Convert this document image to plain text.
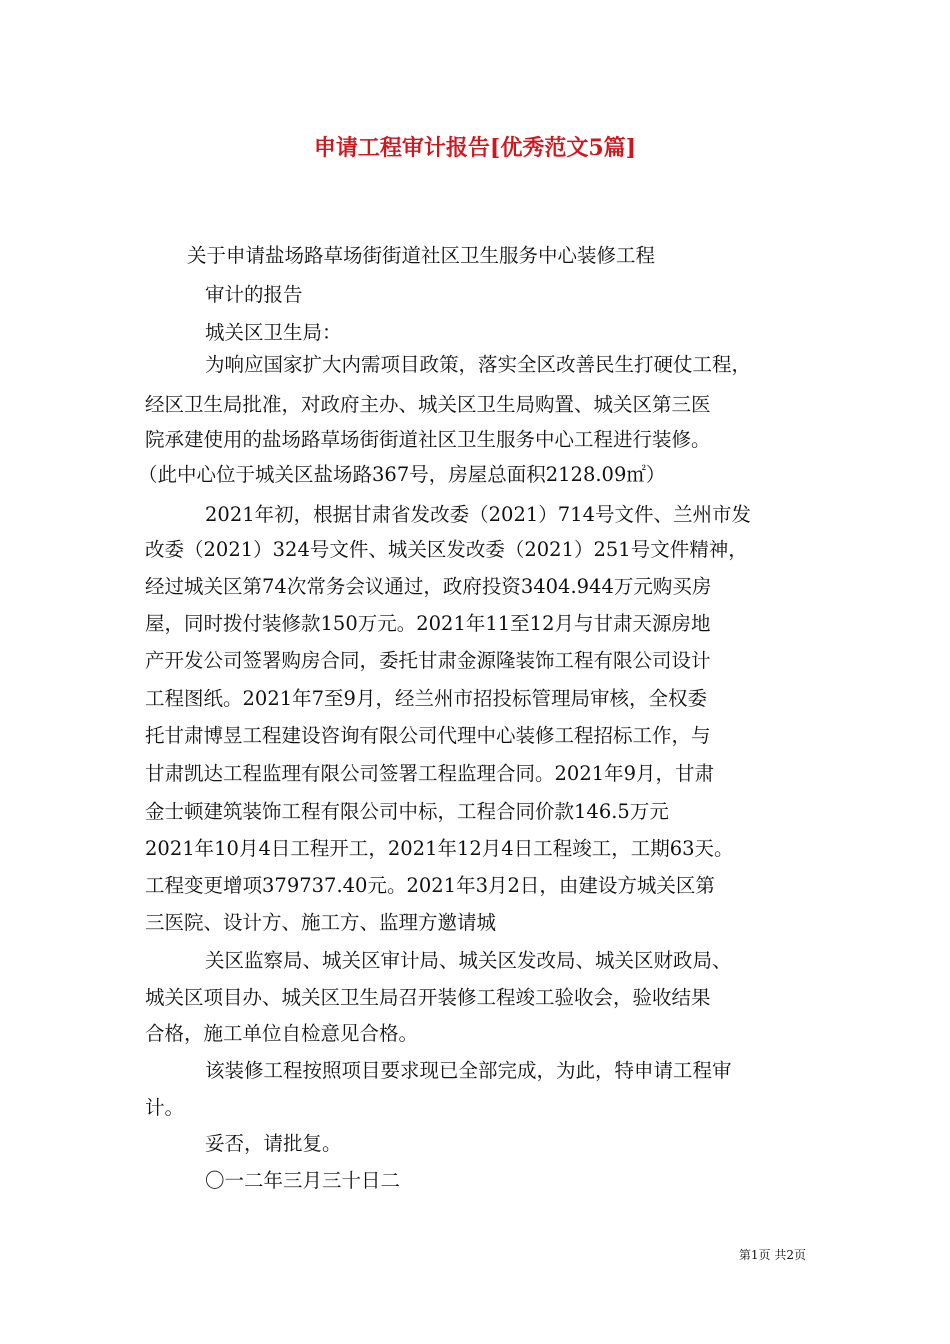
申请工程审计报告[优秀范文5篇]
关于申请盐场路草场街街道社区卫生服务中心装修工程
审计的报告
城关区卫生局：
为响应国家扩大内需项目政策，落实全区改善民生打硬仗工程，
经区卫生局批准，对政府主办、城关区卫生局购置、城关区第三医
院承建使用的盐场路草场街街道社区卫生服务中心工程进行装修。
（此中心位于城关区盐场路367号，房屋总面积2128.09㎡）
2021年初，根据甘肃省发改委（2021）714号文件、兰州市发
改委（2021）324号文件、城关区发改委（2021）251号文件精神，
经过城关区第74次常务会议通过，政府投资3404.944万元购买房
屋，同时拨付装修款150万元。2021年11至12月与甘肃天源房地
产开发公司签署购房合同，委托甘肃金源隆装饰工程有限公司设计
工程图纸。2021年7至9月，经兰州市招投标管理局审核，全权委
托甘肃博昱工程建设咨询有限公司代理中心装修工程招标工作，与
甘肃凯达工程监理有限公司签署工程监理合同。2021年9月，甘肃
金士顿建筑装饰工程有限公司中标，工程合同价款146.5万元
2021年10月4日工程开工，2021年12月4日工程竣工，工期63天。
工程变更增项379737.40元。2021年3月2日，由建设方城关区第
三医院、设计方、施工方、监理方邀请城
关区监察局、城关区审计局、城关区发改局、城关区财政局、
城关区项目办、城关区卫生局召开装修工程竣工验收会，验收结果
合格，施工单位自检意见合格。
该装修工程按照项目要求现已全部完成，为此，特申请工程审
计。
妥否，请批复。
〇一二年三月三十日二
第1页 共2页
